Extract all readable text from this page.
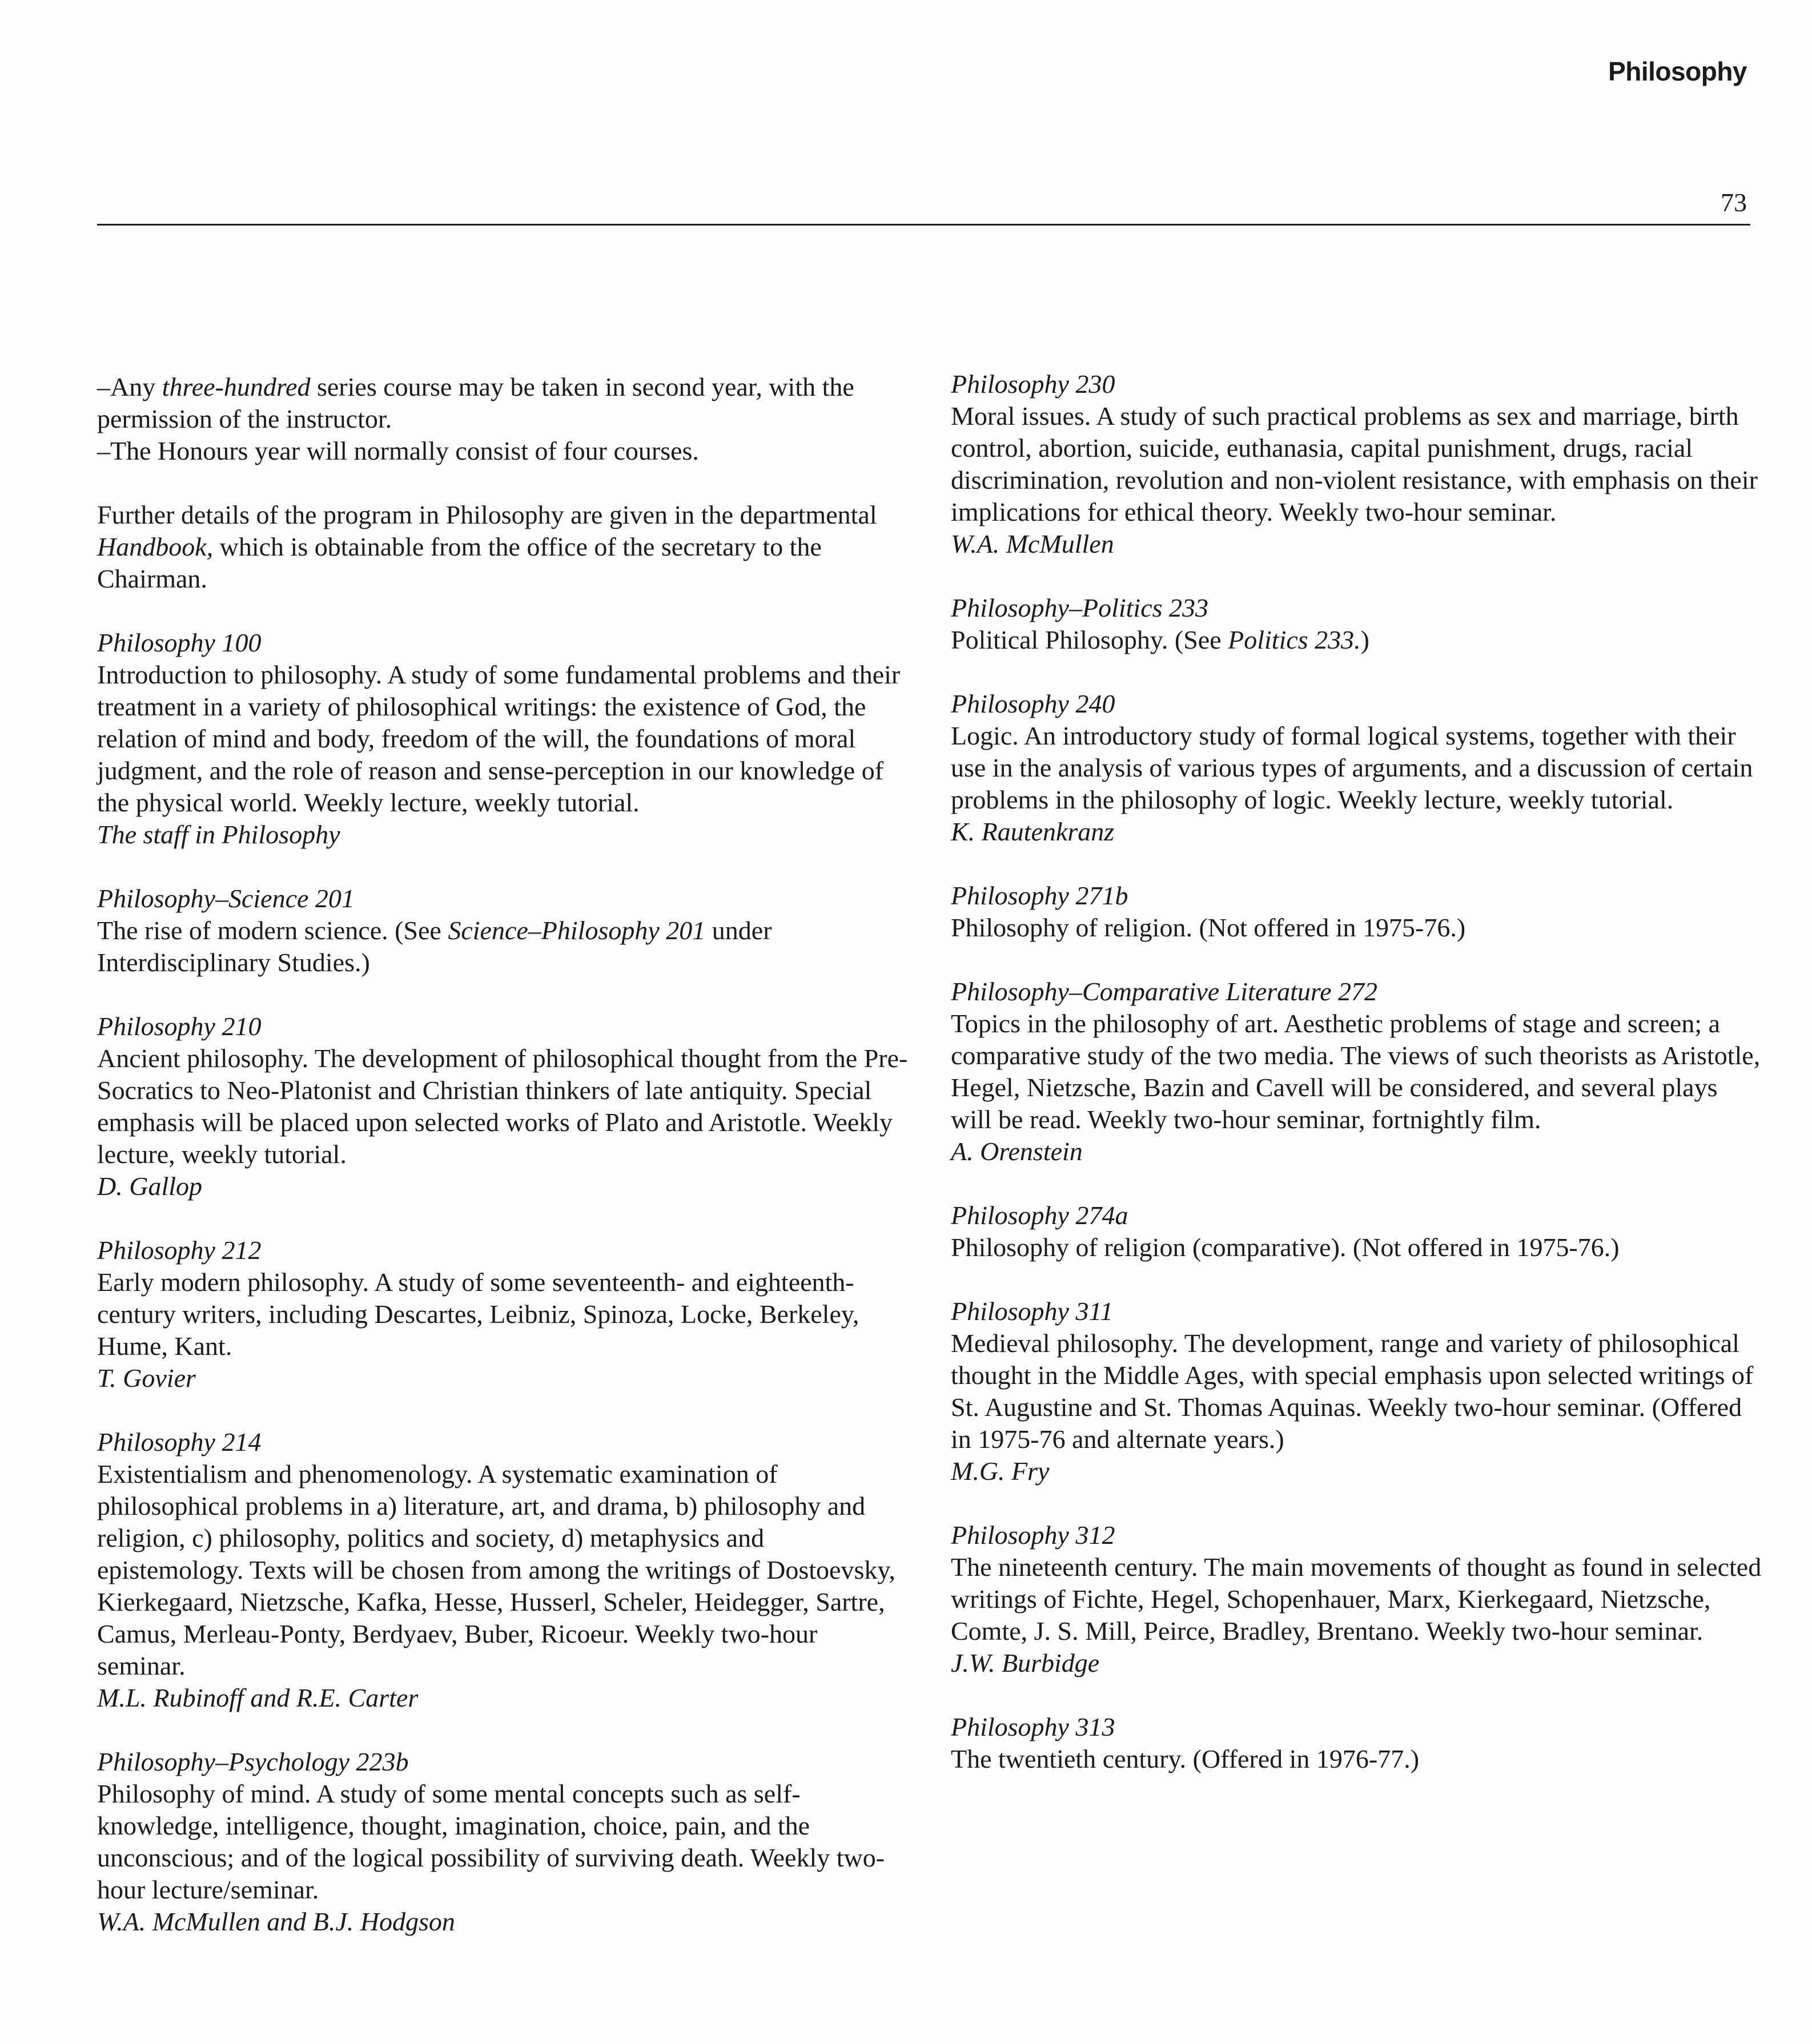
Philosophy
73

–Any three-hundred series course may be taken in second year, with the permission of the instructor.
–The Honours year will normally consist of four courses.

Further details of the program in Philosophy are given in the departmental Handbook, which is obtainable from the office of the secretary to the Chairman.

Philosophy 100
Introduction to philosophy. A study of some fundamental problems and their treatment in a variety of philosophical writings: the existence of God, the relation of mind and body, freedom of the will, the foundations of moral judgment, and the role of reason and sense-perception in our knowledge of the physical world. Weekly lecture, weekly tutorial.
The staff in Philosophy
Philosophy–Science 201
The rise of modern science. (See Science–Philosophy 201 under Interdisciplinary Studies.)
Philosophy 210
Ancient philosophy. The development of philosophical thought from the Pre-Socratics to Neo-Platonist and Christian thinkers of late antiquity. Special emphasis will be placed upon selected works of Plato and Aristotle. Weekly lecture, weekly tutorial.
D. Gallop
Philosophy 212
Early modern philosophy. A study of some seventeenth- and eighteenth-century writers, including Descartes, Leibniz, Spinoza, Locke, Berkeley, Hume, Kant.
T. Govier
Philosophy 214
Existentialism and phenomenology. A systematic examination of philosophical problems in a) literature, art, and drama, b) philosophy and religion, c) philosophy, politics and society, d) metaphysics and epistemology. Texts will be chosen from among the writings of Dostoevsky, Kierkegaard, Nietzsche, Kafka, Hesse, Husserl, Scheler, Heidegger, Sartre, Camus, Merleau-Ponty, Berdyaev, Buber, Ricoeur. Weekly two-hour seminar.
M.L. Rubinoff and R.E. Carter
Philosophy–Psychology 223b
Philosophy of mind. A study of some mental concepts such as self-knowledge, intelligence, thought, imagination, choice, pain, and the unconscious; and of the logical possibility of surviving death. Weekly two-hour lecture/seminar.
W.A. McMullen and B.J. Hodgson
Philosophy 230
Moral issues. A study of such practical problems as sex and marriage, birth control, abortion, suicide, euthanasia, capital punishment, drugs, racial discrimination, revolution and non-violent resistance, with emphasis on their implications for ethical theory. Weekly two-hour seminar.
W.A. McMullen
Philosophy–Politics 233
Political Philosophy. (See Politics 233.)
Philosophy 240
Logic. An introductory study of formal logical systems, together with their use in the analysis of various types of arguments, and a discussion of certain problems in the philosophy of logic. Weekly lecture, weekly tutorial.
K. Rautenkranz
Philosophy 271b
Philosophy of religion. (Not offered in 1975-76.)
Philosophy–Comparative Literature 272
Topics in the philosophy of art. Aesthetic problems of stage and screen; a comparative study of the two media. The views of such theorists as Aristotle, Hegel, Nietzsche, Bazin and Cavell will be considered, and several plays will be read. Weekly two-hour seminar, fortnightly film.
A. Orenstein
Philosophy 274a
Philosophy of religion (comparative). (Not offered in 1975-76.)
Philosophy 311
Medieval philosophy. The development, range and variety of philosophical thought in the Middle Ages, with special emphasis upon selected writings of St. Augustine and St. Thomas Aquinas. Weekly two-hour seminar. (Offered in 1975-76 and alternate years.)
M.G. Fry
Philosophy 312
The nineteenth century. The main movements of thought as found in selected writings of Fichte, Hegel, Schopenhauer, Marx, Kierkegaard, Nietzsche, Comte, J. S. Mill, Peirce, Bradley, Brentano. Weekly two-hour seminar.
J.W. Burbidge
Philosophy 313
The twentieth century. (Offered in 1976-77.)
